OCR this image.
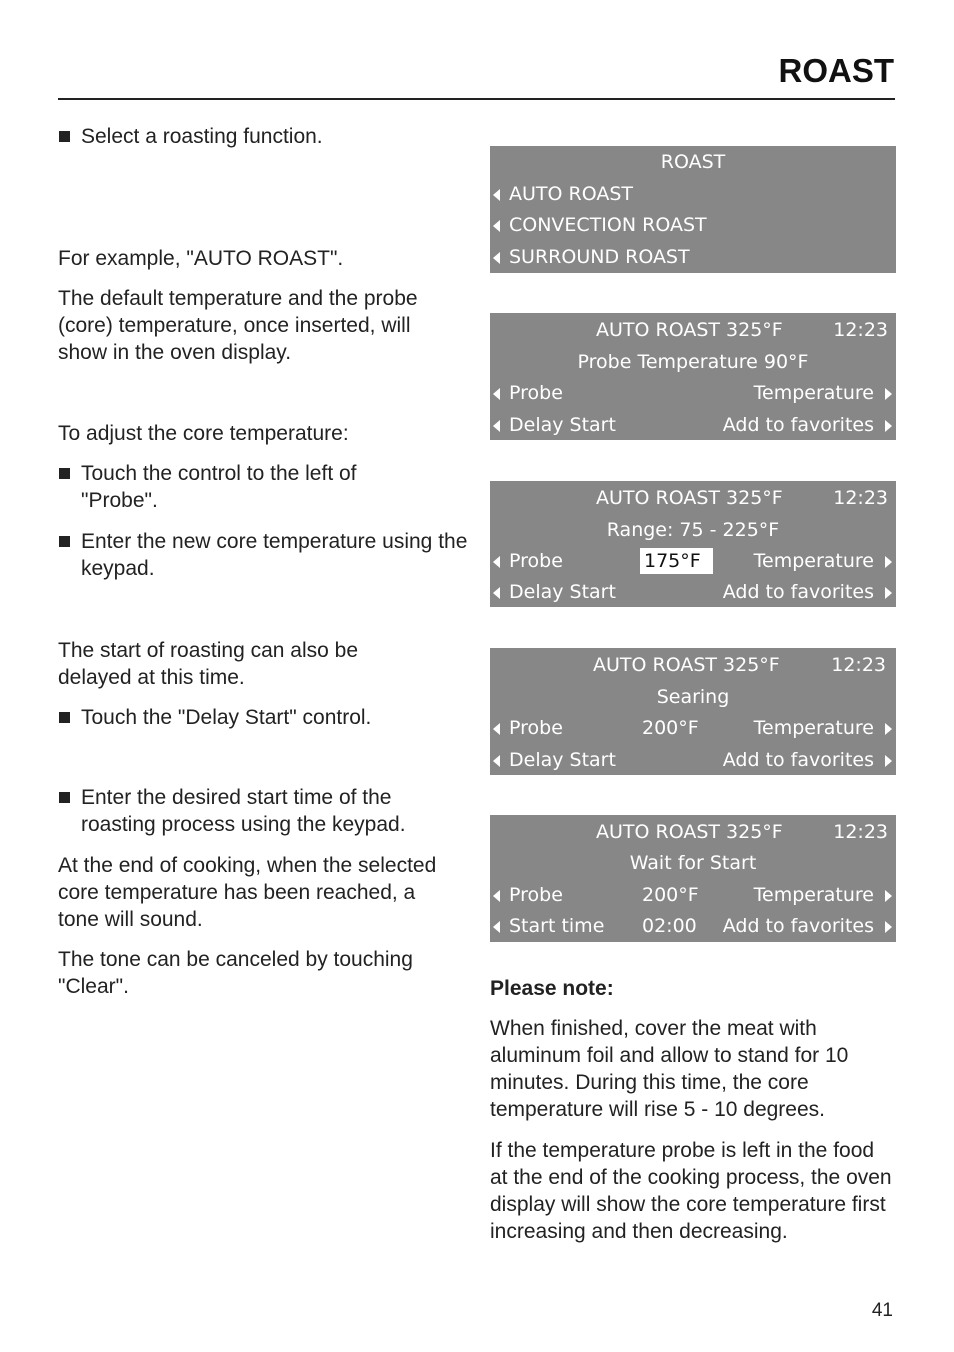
ROAST
Select a roasting function.
For example, "AUTO ROAST".
The default temperature and the probe (core) temperature, once inserted, will show in the oven display.
To adjust the core temperature:
Touch the control to the left of "Probe".
Enter the new core temperature using the keypad.
The start of roasting can also be delayed at this time.
Touch the "Delay Start" control.
Enter the desired start time of the roasting process using the keypad.
At the end of cooking, when the selected core temperature has been reached, a tone will sound.
The tone can be canceled by touching "Clear".
ROAST
AUTO ROAST
CONVECTION ROAST
SURROUND ROAST
AUTO ROAST 325°F	12:23
Probe Temperature 90°F
Probe	Temperature
Delay Start	Add to favorites
AUTO ROAST 325°F	12:23
Range: 75 - 225°F
Probe	175°F	Temperature
Delay Start	Add to favorites
AUTO ROAST 325°F	12:23
Searing
Probe	200°F	Temperature
Delay Start	Add to favorites
AUTO ROAST 325°F	12:23
Wait for Start
Probe	200°F	Temperature
Start time 02:00 Add to favorites
Please note:
When finished, cover the meat with aluminum foil and allow to stand for 10 minutes. During this time, the core temperature will rise 5 - 10 degrees.
If the temperature probe is left in the food at the end of the cooking process, the oven display will show the core temperature first increasing and then decreasing.
41
